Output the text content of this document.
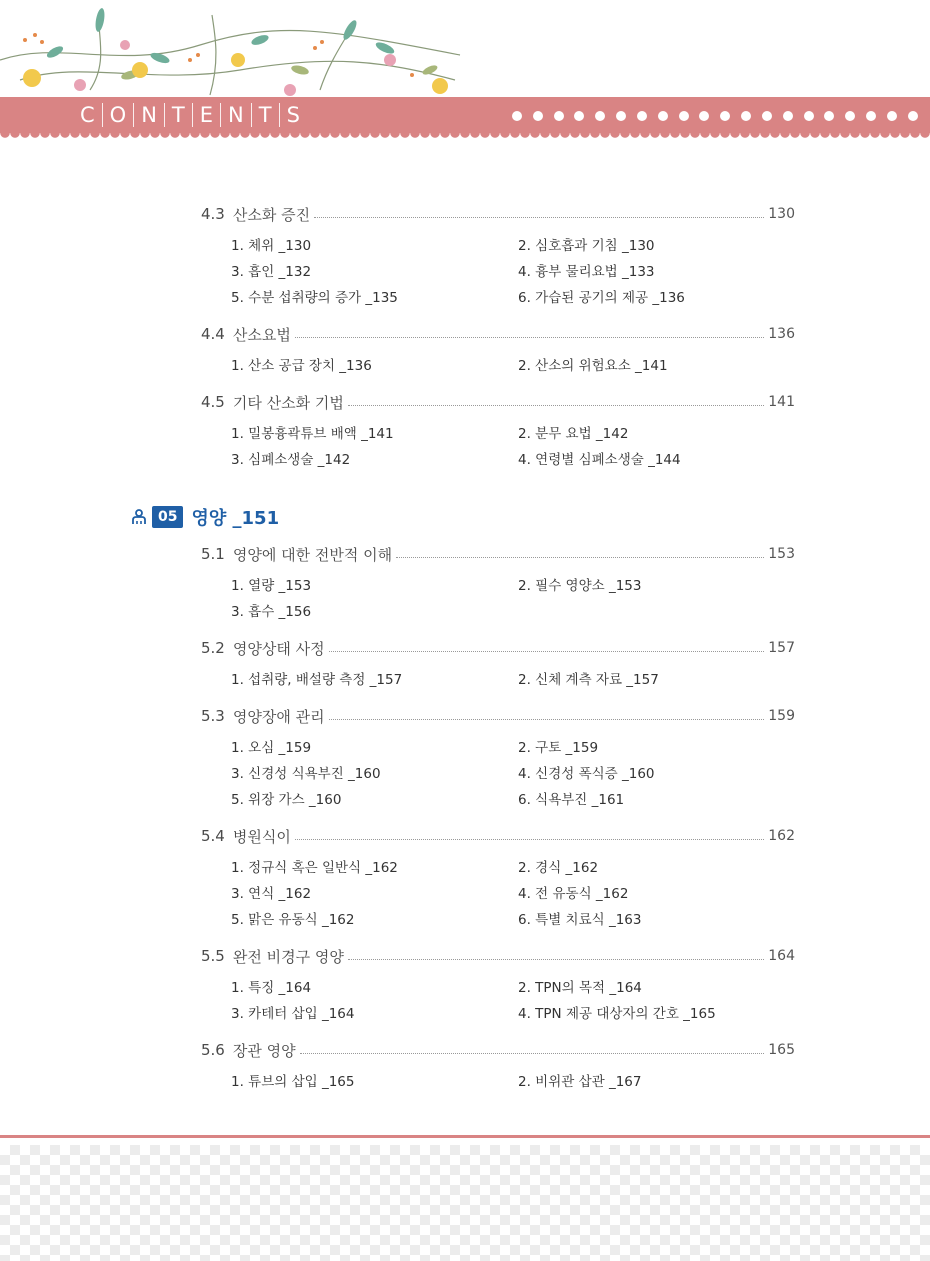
C O N T E N T S
4.3 산소화 증진	130
1. 체위 _130	2. 심호흡과 기침 _130
3. 흡인 _132	4. 흉부 물리요법 _133
5. 수분 섭취량의 증가 _135	6. 가습된 공기의 제공 _136
4.4 산소요법	136
1. 산소 공급 장치 _136	2. 산소의 위험요소 _141
4.5 기타 산소화 기법	141
1. 밀봉흉곽튜브 배액 _141	2. 분무 요법 _142
3. 심폐소생술 _142	4. 연령별 심폐소생술 _144
5.1 영양에 대한 전반적 이해	153
1. 열량 _153	2. 필수 영양소 _153
3. 흡수 _156
5.2 영양상태 사정	157
1. 섭취량, 배설량 측정 _157	2. 신체 계측 자료 _157
5.3 영양장애 관리	159
1. 오심 _159	2. 구토 _159
3. 신경성 식욕부진 _160	4. 신경성 폭식증 _160
5. 위장 가스 _160	6. 식욕부진 _161
5.4 병원식이	162
1. 정규식 혹은 일반식 _162	2. 경식 _162
3. 연식 _162	4. 전 유동식 _162
5. 맑은 유동식 _162	6. 특별 치료식 _163
5.5 완전 비경구 영양	164
1. 특징 _164	2. TPN의 목적 _164
3. 카테터 삽입 _164	4. TPN 제공 대상자의 간호 _165
5.6 장관 영양	165
1. 튜브의 삽입 _165	2. 비위관 삽관 _167
05 영양 _151
